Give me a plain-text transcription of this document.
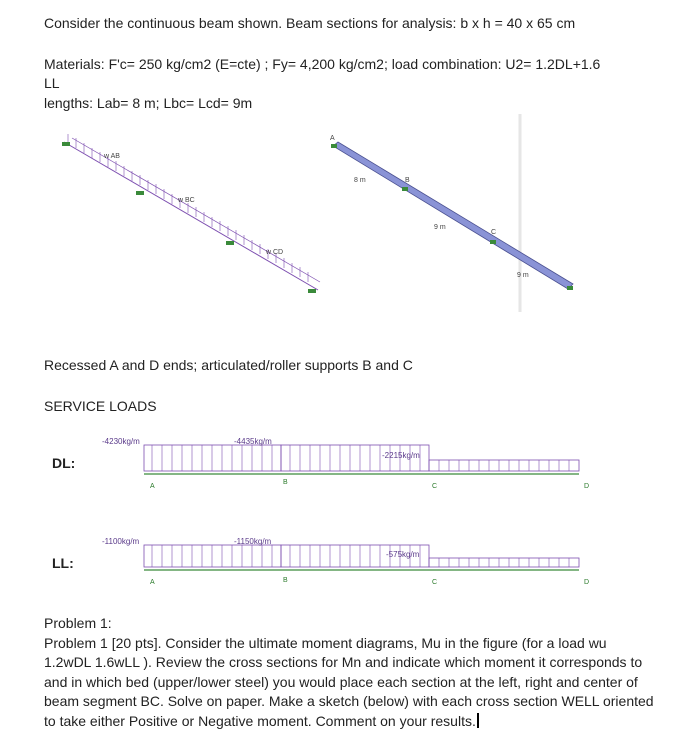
Consider the continuous beam shown. Beam sections for analysis: b x h = 40 x 65 cm
Materials: F'c= 250 kg/cm2 (E=cte) ; Fy= 4,200 kg/cm2; load combination: U2= 1.2DL+1.6
LL
lengths: Lab= 8 m; Lbc= Lcd= 9m
w AB
w BC
w CD
A
B
C
8 m
9 m
9 m
Recessed A and D ends; articulated/roller supports B and C
SERVICE LOADS
DL:
-4230kg/m	-4435kg/m
-2215kg/m
A
B
C	D
LL:
-1100kg/m	-1150kg/m
-575kg/m
A	B	C	D
Problem 1:
Problem 1 [20 pts]. Consider the ultimate moment diagrams, Mu in the figure (for a load wu 1.2wDL 1.6wLL ). Review the cross sections for Mn and indicate which moment it corresponds to and in which bed (upper/lower steel) you would place each section at the left, right and center of beam segment BC. Solve on paper. Make a sketch (below) with each cross section WELL oriented to take either Positive or Negative moment. Comment on your results.
